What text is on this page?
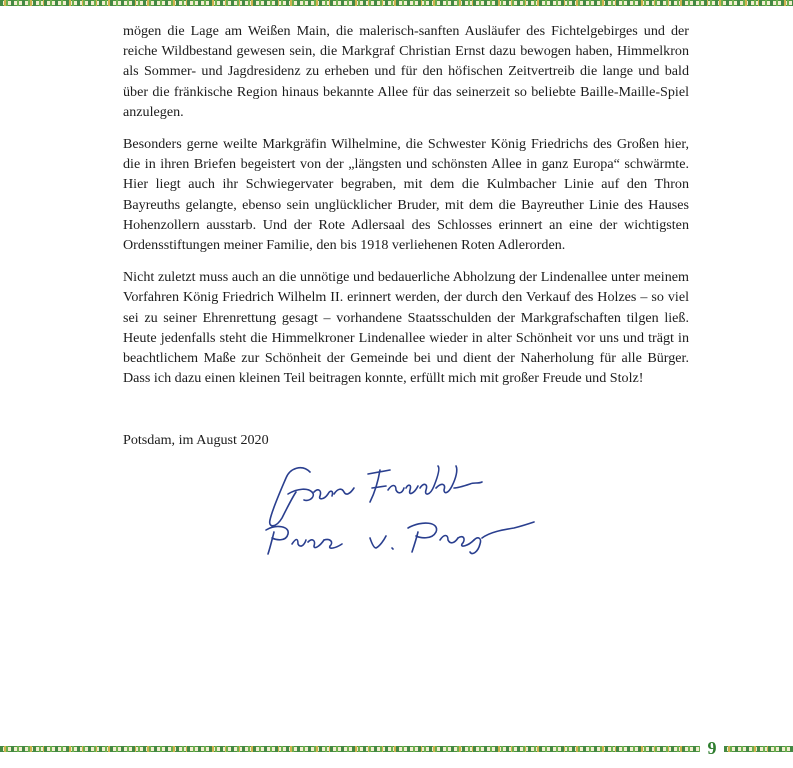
mögen die Lage am Weißen Main, die malerisch-sanften Ausläufer des Fichtelgebirges und der reiche Wildbestand gewesen sein, die Markgraf Christian Ernst dazu bewogen haben, Himmelkron als Sommer- und Jagdresidenz zu erheben und für den höfischen Zeitvertreib die lange und bald über die fränkische Region hinaus bekannte Allee für das seinerzeit so beliebte Baille-Maille-Spiel anzulegen.

Besonders gerne weilte Markgräfin Wilhelmine, die Schwester König Friedrichs des Großen hier, die in ihren Briefen begeistert von der „längsten und schönsten Allee in ganz Europa“ schwärmte. Hier liegt auch ihr Schwiegervater begraben, mit dem die Kulmbacher Linie auf den Thron Bayreuths gelangte, ebenso sein unglücklicher Bruder, mit dem die Bayreuther Linie des Hauses Hohenzollern ausstarb. Und der Rote Adlersaal des Schlosses erinnert an eine der wichtigsten Ordensstiftungen meiner Familie, den bis 1918 verliehenen Roten Adlerorden.

Nicht zuletzt muss auch an die unnötige und bedauerliche Abholzung der Lindenallee unter meinem Vorfahren König Friedrich Wilhelm II. erinnert werden, der durch den Verkauf des Holzes – so viel sei zu seiner Ehrenrettung gesagt – vorhandene Staatsschulden der Markgrafschaften tilgen ließ. Heute jedenfalls steht die Himmelkroner Lindenallee wieder in alter Schönheit vor uns und trägt in beachtlichem Maße zur Schönheit der Gemeinde bei und dient der Naherholung für alle Bürger. Dass ich dazu einen kleinen Teil beitragen konnte, erfüllt mich mit großer Freude und Stolz!

Potsdam, im August 2020

9
